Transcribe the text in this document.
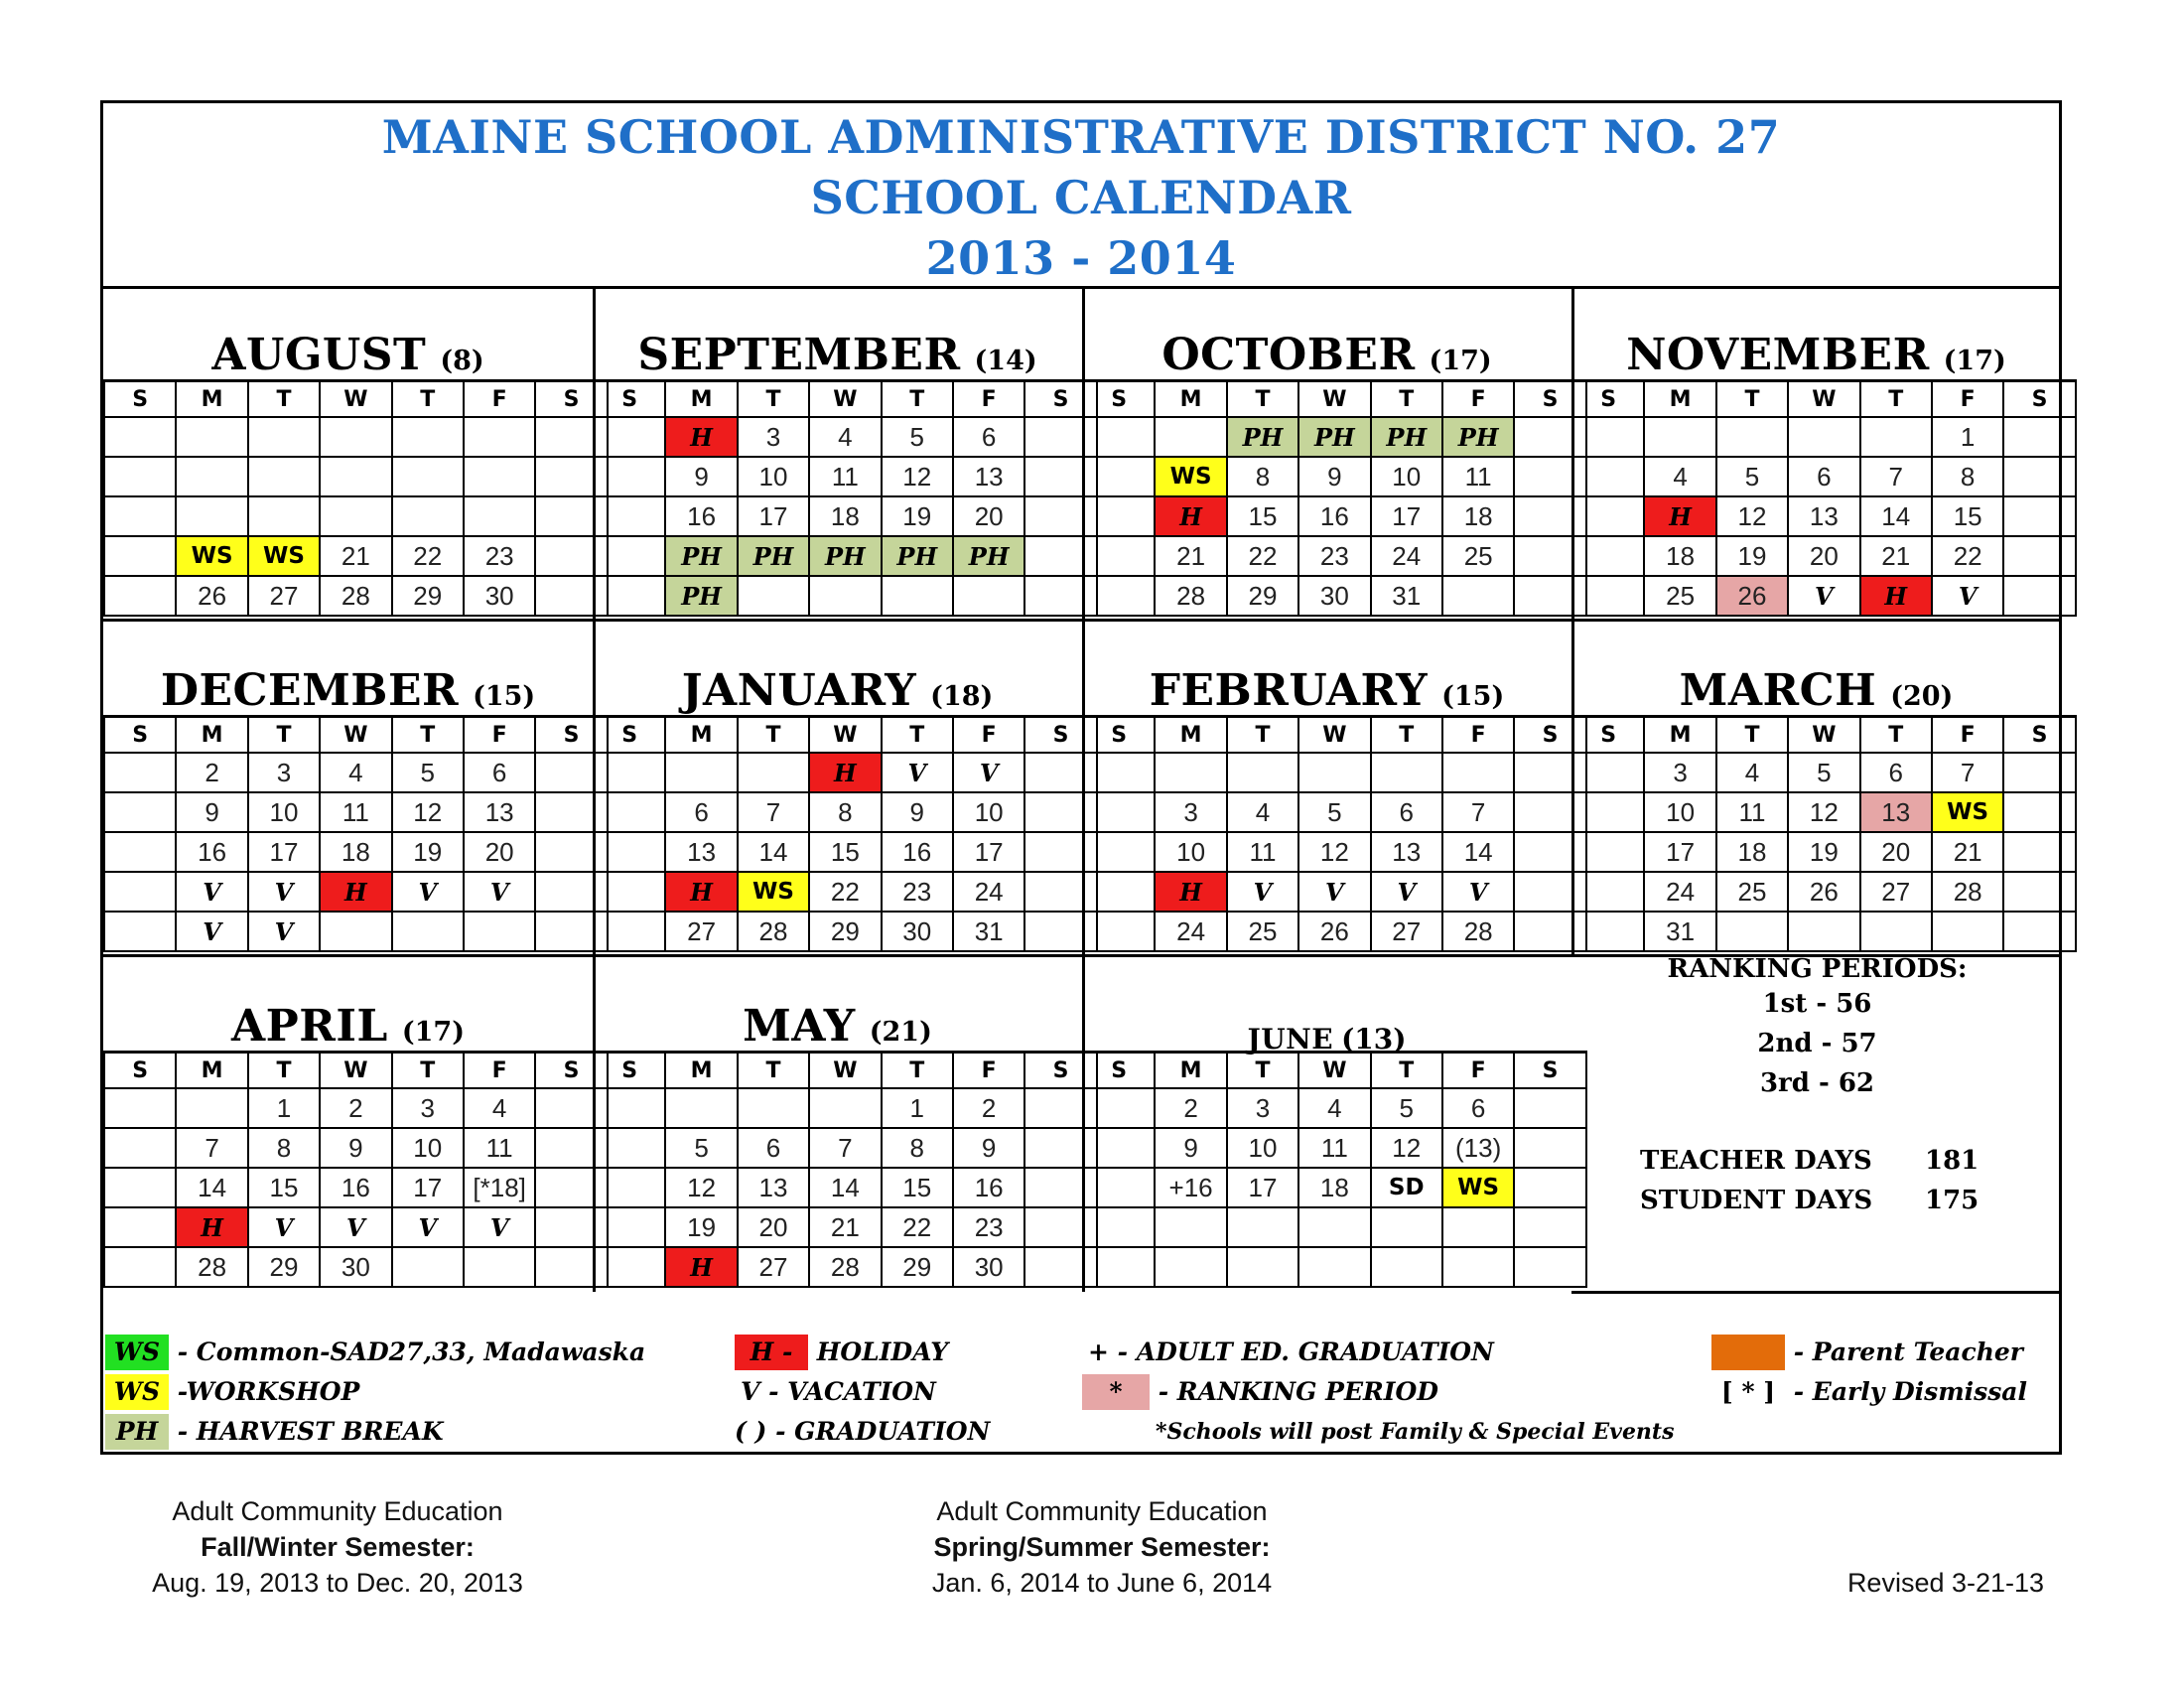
MAINE SCHOOL ADMINISTRATIVE DISTRICT NO. 27
SCHOOL CALENDAR
2013 - 2014
AUGUST (8)
S	M	T	W	T	F	S

	WS	WS	21	22	23	
	26	27	28	29	30	
SEPTEMBER (14)
S	M	T	W	T	F	S
	H	3	4	5	6	
	9	10	11	12	13	
	16	17	18	19	20	
	PH	PH	PH	PH	PH	
	PH					
OCTOBER (17)
S	M	T	W	T	F	S
		PH	PH	PH	PH	
	WS	8	9	10	11	
	H	15	16	17	18	
	21	22	23	24	25	
	28	29	30	31		
NOVEMBER (17)
S	M	T	W	T	F	S
					1	
	4	5	6	7	8	
	H	12	13	14	15	
	18	19	20	21	22	
	25	26	V	H	V	
DECEMBER (15)
S	M	T	W	T	F	S
	2	3	4	5	6	
	9	10	11	12	13	
	16	17	18	19	20	
	V	V	H	V	V	
	V	V				
JANUARY (18)
S	M	T	W	T	F	S
			H	V	V	
	6	7	8	9	10	
	13	14	15	16	17	
	H	WS	22	23	24	
	27	28	29	30	31	
FEBRUARY (15)
S	M	T	W	T	F	S

	3	4	5	6	7	
	10	11	12	13	14	
	H	V	V	V	V	
	24	25	26	27	28	
MARCH (20)
S	M	T	W	T	F	S
	3	4	5	6	7	
	10	11	12	13	WS	
	17	18	19	20	21	
	24	25	26	27	28	
	31					
APRIL (17)
S	M	T	W	T	F	S
		1	2	3	4	
	7	8	9	10	11	
	14	15	16	17	[*18]	
	H	V	V	V	V	
	28	29	30			
MAY (21)
S	M	T	W	T	F	S
				1	2	
	5	6	7	8	9	
	12	13	14	15	16	
	19	20	21	22	23	
	H	27	28	29	30	
JUNE (13)
S	M	T	W	T	F	S
	2	3	4	5	6	
	9	10	11	12	(13)	
	+16	17	18	SD	WS	

RANKING PERIODS:
1st - 56
2nd - 57
3rd - 62
TEACHER DAYS 181
STUDENT DAYS 175
WS - Common-SAD27,33, Madawaska
WS -WORKSHOP
PH - HARVEST BREAK
H - HOLIDAY
V - VACATION
( ) - GRADUATION
+ - ADULT ED. GRADUATION
* - RANKING PERIOD
*Schools will post Family & Special Events
- Parent Teacher
[ * ] - Early Dismissal
Adult Community Education
Fall/Winter Semester:
Aug. 19, 2013 to Dec. 20, 2013
Adult Community Education
Spring/Summer Semester:
Jan. 6, 2014 to June 6, 2014	Revised 3-21-13
